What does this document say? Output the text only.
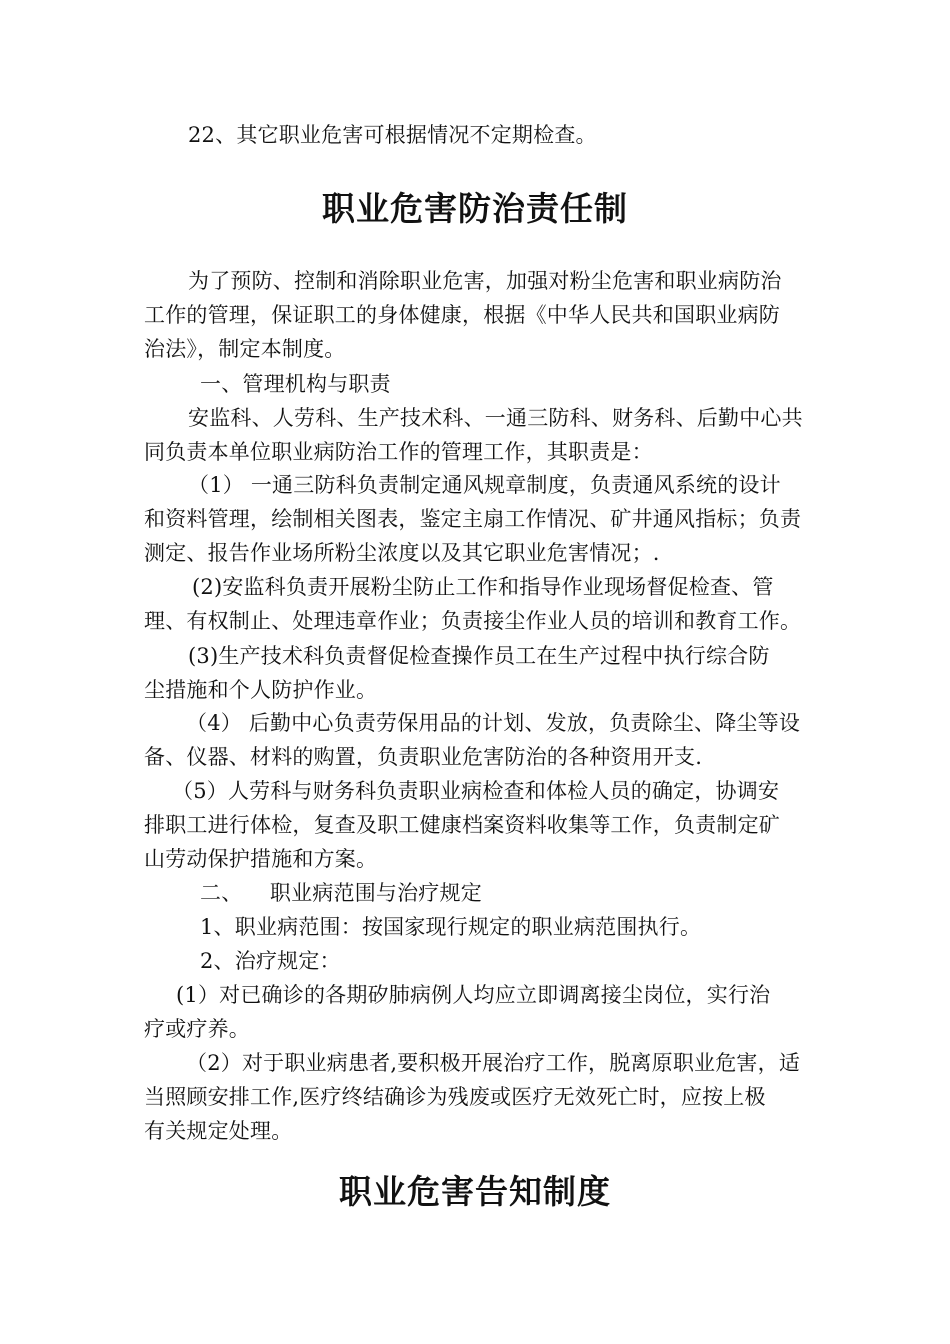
22、其它职业危害可根据情况不定期检查。
职业危害防治责任制
为了预防、控制和消除职业危害，加强对粉尘危害和职业病防治
工作的管理，保证职工的身体健康，根据《中华人民共和国职业病防
治法》，制定本制度。
一、管理机构与职责
安监科、人劳科、生产技术科、一通三防科、财务科、后勤中心共
同负责本单位职业病防治工作的管理工作，其职责是：
（1） 一通三防科负责制定通风规章制度，负责通风系统的设计
和资料管理，绘制相关图表，鉴定主扇工作情况、矿井通风指标；负责
测定、报告作业场所粉尘浓度以及其它职业危害情况；.
(2)安监科负责开展粉尘防止工作和指导作业现场督促检查、管
理、有权制止、处理违章作业；负责接尘作业人员的培训和教育工作。
(3)生产技术科负责督促检查操作员工在生产过程中执行综合防
尘措施和个人防护作业。
（4） 后勤中心负责劳保用品的计划、发放，负责除尘、降尘等设
备、仪器、材料的购置，负责职业危害防治的各种资用开支.
（5）人劳科与财务科负责职业病检查和体检人员的确定，协调安
排职工进行体检，复查及职工健康档案资料收集等工作，负责制定矿
山劳动保护措施和方案。
二、    职业病范围与治疗规定
1、职业病范围：按国家现行规定的职业病范围执行。
2、治疗规定：
(1）对已确诊的各期矽肺病例人均应立即调离接尘岗位，实行治
疗或疗养。
（2）对于职业病患者,要积极开展治疗工作，脱离原职业危害，适
当照顾安排工作,医疗终结确诊为残废或医疗无效死亡时，应按上极
有关规定处理。
职业危害告知制度
